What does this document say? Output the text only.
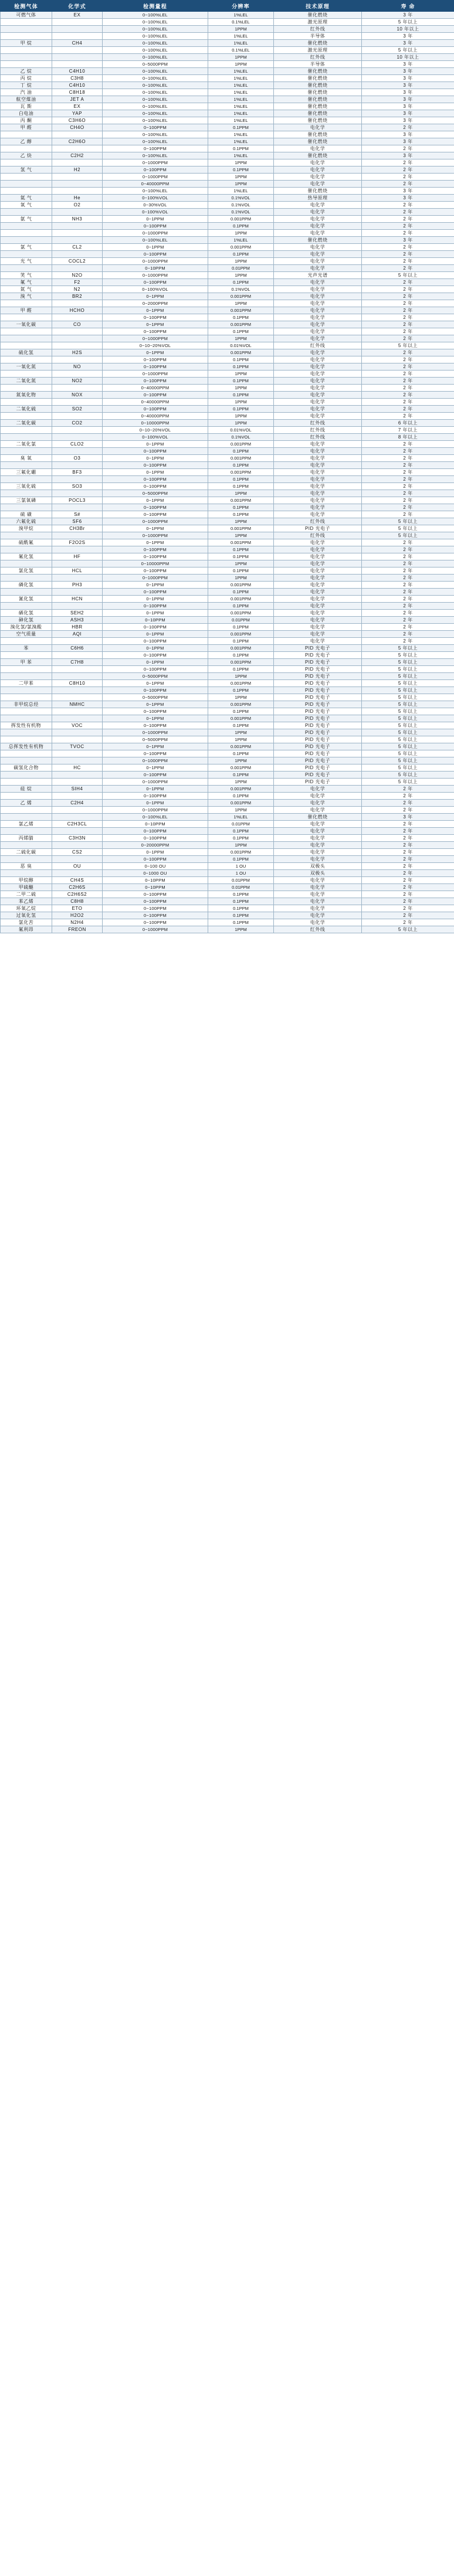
检测气体	化学式	检测量程	分辨率	技术原理	寿 命
可燃气体	EX	0~100%LEL	1%LEL	催化燃烧	3 年
		0~100%LEL	0.1%LEL	激光原理	5 年以上
		0~100%LEL	1PPM	红外线	10 年以上
		0~100%LEL	1%LEL	半导体	3 年
甲 烷	CH4	0~100%LEL	1%LEL	催化燃烧	3 年
		0~100%LEL	0.1%LEL	激光原理	5 年以上
		0~100%LEL	1PPM	红外线	10 年以上
		0~5000PPM	1PPM	半导体	3 年
乙 烷	C4H10	0~100%LEL	1%LEL	催化燃烧	3 年
丙 烷	C3H8	0~100%LEL	1%LEL	催化燃烧	3 年
丁 烷	C4H10	0~100%LEL	1%LEL	催化燃烧	3 年
汽 油	C8H18	0~100%LEL	1%LEL	催化燃烧	3 年
航空煤油	JET A	0~100%LEL	1%LEL	催化燃烧	3 年
瓦 斯	EX	0~100%LEL	1%LEL	催化燃烧	3 年
白电油	YAP	0~100%LEL	1%LEL	催化燃烧	3 年
丙 酮	C3H6O	0~100%LEL	1%LEL	催化燃烧	3 年
甲 醛	CH4O	0~100PPM	0.1PPM	电化学	2 年
		0~100%LEL	1%LEL	催化燃烧	3 年
乙 醇	C2H6O	0~100%LEL	1%LEL	催化燃烧	3 年
		0~100PPM	0.1PPM	电化学	2 年
乙 炔	C2H2	0~100%LEL	1%LEL	催化燃烧	3 年
		0~1000PPM	1PPM	电化学	2 年
氢 气	H2	0~100PPM	0.1PPM	电化学	2 年
		0~1000PPM	1PPM	电化学	2 年
		0~40000PPM	1PPM	电化学	2 年
		0~100%LEL	1%LEL	催化燃烧	3 年
氦 气	He	0~100%VOL	0.1%VOL	热导原理	3 年
氧 气	O2	0~30%VOL	0.1%VOL	电化学	2 年
		0~100%VOL	0.1%VOL	电化学	2 年
氨 气	NH3	0~1PPM	0.001PPM	电化学	2 年
		0~100PPM	0.1PPM	电化学	2 年
		0~1000PPM	1PPM	电化学	2 年
		0~100%LEL	1%LEL	催化燃烧	3 年
氯 气	CL2	0~1PPM	0.001PPM	电化学	2 年
		0~100PPM	0.1PPM	电化学	2 年
光 气	COCL2	0~1000PPM	1PPM	电化学	2 年
		0~10PPM	0.01PPM	电化学	2 年
笑 气	N2O	0~1000PPM	1PPM	光声光谱	5 年以上
氟 气	F2	0~100PPM	0.1PPM	电化学	2 年
氮 气	N2	0~100%VOL	0.1%VOL	电化学	2 年
溴 气	BR2	0~1PPM	0.001PPM	电化学	2 年
		0~2000PPM	1PPM	电化学	2 年
甲 醛	HCHO	0~1PPM	0.001PPM	电化学	2 年
		0~100PPM	0.1PPM	电化学	2 年
一氧化碳	CO	0~1PPM	0.001PPM	电化学	2 年
		0~100PPM	0.1PPM	电化学	2 年
		0~1000PPM	1PPM	电化学	2 年
		0~10~20%VOL	0.01%VOL	红外线	5 年以上
硫化氢	H2S	0~1PPM	0.001PPM	电化学	2 年
		0~100PPM	0.1PPM	电化学	2 年
一氧化氮	NO	0~100PPM	0.1PPM	电化学	2 年
		0~1000PPM	1PPM	电化学	2 年
二氧化氮	NO2	0~100PPM	0.1PPM	电化学	2 年
		0~40000PPM	1PPM	电化学	2 年
氮氧化物	NOX	0~100PPM	0.1PPM	电化学	2 年
		0~40000PPM	1PPM	电化学	2 年
二氧化硫	SO2	0~100PPM	0.1PPM	电化学	2 年
		0~40000PPM	1PPM	电化学	2 年
二氧化碳	CO2	0~10000PPM	1PPM	红外线	6 年以上
		0~10~20%VOL	0.01%VOL	红外线	7 年以上
		0~100%VOL	0.1%VOL	红外线	8 年以上
二氧化氯	CLO2	0~1PPM	0.001PPM	电化学	2 年
		0~100PPM	0.1PPM	电化学	2 年
臭 氧	O3	0~1PPM	0.001PPM	电化学	2 年
		0~100PPM	0.1PPM	电化学	2 年
三氟化硼	BF3	0~1PPM	0.001PPM	电化学	2 年
		0~100PPM	0.1PPM	电化学	2 年
三氧化硫	SO3	0~100PPM	0.1PPM	电化学	2 年
		0~5000PPM	1PPM	电化学	2 年
三氯氧磷	POCL3	0~1PPM	0.001PPM	电化学	2 年
		0~100PPM	0.1PPM	电化学	2 年
硫 磺	S#	0~100PPM	0.1PPM	电化学	2 年
六氟化硫	SF6	0~1000PPM	1PPM	红外线	5 年以上
溴甲烷	CH3Br	0~1PPM	0.001PPM	PID 光电子	5 年以上
		0~1000PPM	1PPM	红外线	5 年以上
硫酰氟	F2O2S	0~1PPM	0.001PPM	电化学	2 年
		0~100PPM	0.1PPM	电化学	2 年
氟化氢	HF	0~100PPM	0.1PPM	电化学	2 年
		0~10000PPM	1PPM	电化学	2 年
氯化氢	HCL	0~100PPM	0.1PPM	电化学	2 年
		0~1000PPM	1PPM	电化学	2 年
磷化氢	PH3	0~1PPM	0.001PPM	电化学	2 年
		0~100PPM	0.1PPM	电化学	2 年
氰化氢	HCN	0~1PPM	0.001PPM	电化学	2 年
		0~100PPM	0.1PPM	电化学	2 年
硒化氢	SEH2	0~1PPM	0.001PPM	电化学	2 年
砷化氢	ASH3	0~10PPM	0.01PPM	电化学	2 年
溴化氢/氯溴酸	HBR	0~100PPM	0.1PPM	电化学	2 年
空气质量	AQI	0~1PPM	0.001PPM	电化学	2 年
		0~100PPM	0.1PPM	电化学	2 年
苯	C6H6	0~1PPM	0.001PPM	PID 光电子	5 年以上
		0~100PPM	0.1PPM	PID 光电子	5 年以上
甲 苯	C7H8	0~1PPM	0.001PPM	PID 光电子	5 年以上
		0~100PPM	0.1PPM	PID 光电子	5 年以上
		0~5000PPM	1PPM	PID 光电子	5 年以上
二甲苯	C8H10	0~1PPM	0.001PPM	PID 光电子	5 年以上
		0~100PPM	0.1PPM	PID 光电子	5 年以上
		0~5000PPM	1PPM	PID 光电子	5 年以上
非甲烷总烃	NMHC	0~1PPM	0.001PPM	PID 光电子	5 年以上
		0~100PPM	0.1PPM	PID 光电子	5 年以上
		0~1PPM	0.001PPM	PID 光电子	5 年以上
挥发性有机物	VOC	0~100PPM	0.1PPM	PID 光电子	5 年以上
		0~1000PPM	1PPM	PID 光电子	5 年以上
		0~5000PPM	1PPM	PID 光电子	5 年以上
总挥发性有机物	TVOC	0~1PPM	0.001PPM	PID 光电子	5 年以上
		0~100PPM	0.1PPM	PID 光电子	5 年以上
		0~1000PPM	1PPM	PID 光电子	5 年以上
碳氢化合物	HC	0~1PPM	0.001PPM	PID 光电子	5 年以上
		0~100PPM	0.1PPM	PID 光电子	5 年以上
		0~1000PPM	1PPM	PID 光电子	5 年以上
硅 烷	SIH4	0~1PPM	0.001PPM	电化学	2 年
		0~100PPM	0.1PPM	电化学	2 年
乙 烯	C2H4	0~1PPM	0.001PPM	电化学	2 年
		0~1000PPM	1PPM	电化学	2 年
		0~100%LEL	1%LEL	催化燃烧	3 年
氯乙烯	C2H3CL	0~10PPM	0.01PPM	电化学	2 年
		0~100PPM	0.1PPM	电化学	2 年
丙烯腈	C3H3N	0~100PPM	0.1PPM	电化学	2 年
		0~20000PPM	1PPM	电化学	2 年
二硫化碳	CS2	0~1PPM	0.001PPM	电化学	2 年
		0~100PPM	0.1PPM	电化学	2 年
恶 臭	OU	0~100 OU	1 OU	双极头	2 年
		0~1000 OU	1 OU	双极头	2 年
甲烷醇	CH4S	0~10PPM	0.01PPM	电化学	2 年
甲硫醚	C2H6S	0~10PPM	0.01PPM	电化学	2 年
二甲二硫	C2H6S2	0~100PPM	0.1PPM	电化学	2 年
苯乙烯	C8H8	0~100PPM	0.1PPM	电化学	2 年
环氧乙烷	ETO	0~100PPM	0.1PPM	电化学	2 年
过氧化氢	H2O2	0~100PPM	0.1PPM	电化学	2 年
氯化苦	N2H4	0~100PPM	0.1PPM	电化学	2 年
氟利昂	FREON	0~1000PPM	1PPM	红外线	5 年以上
